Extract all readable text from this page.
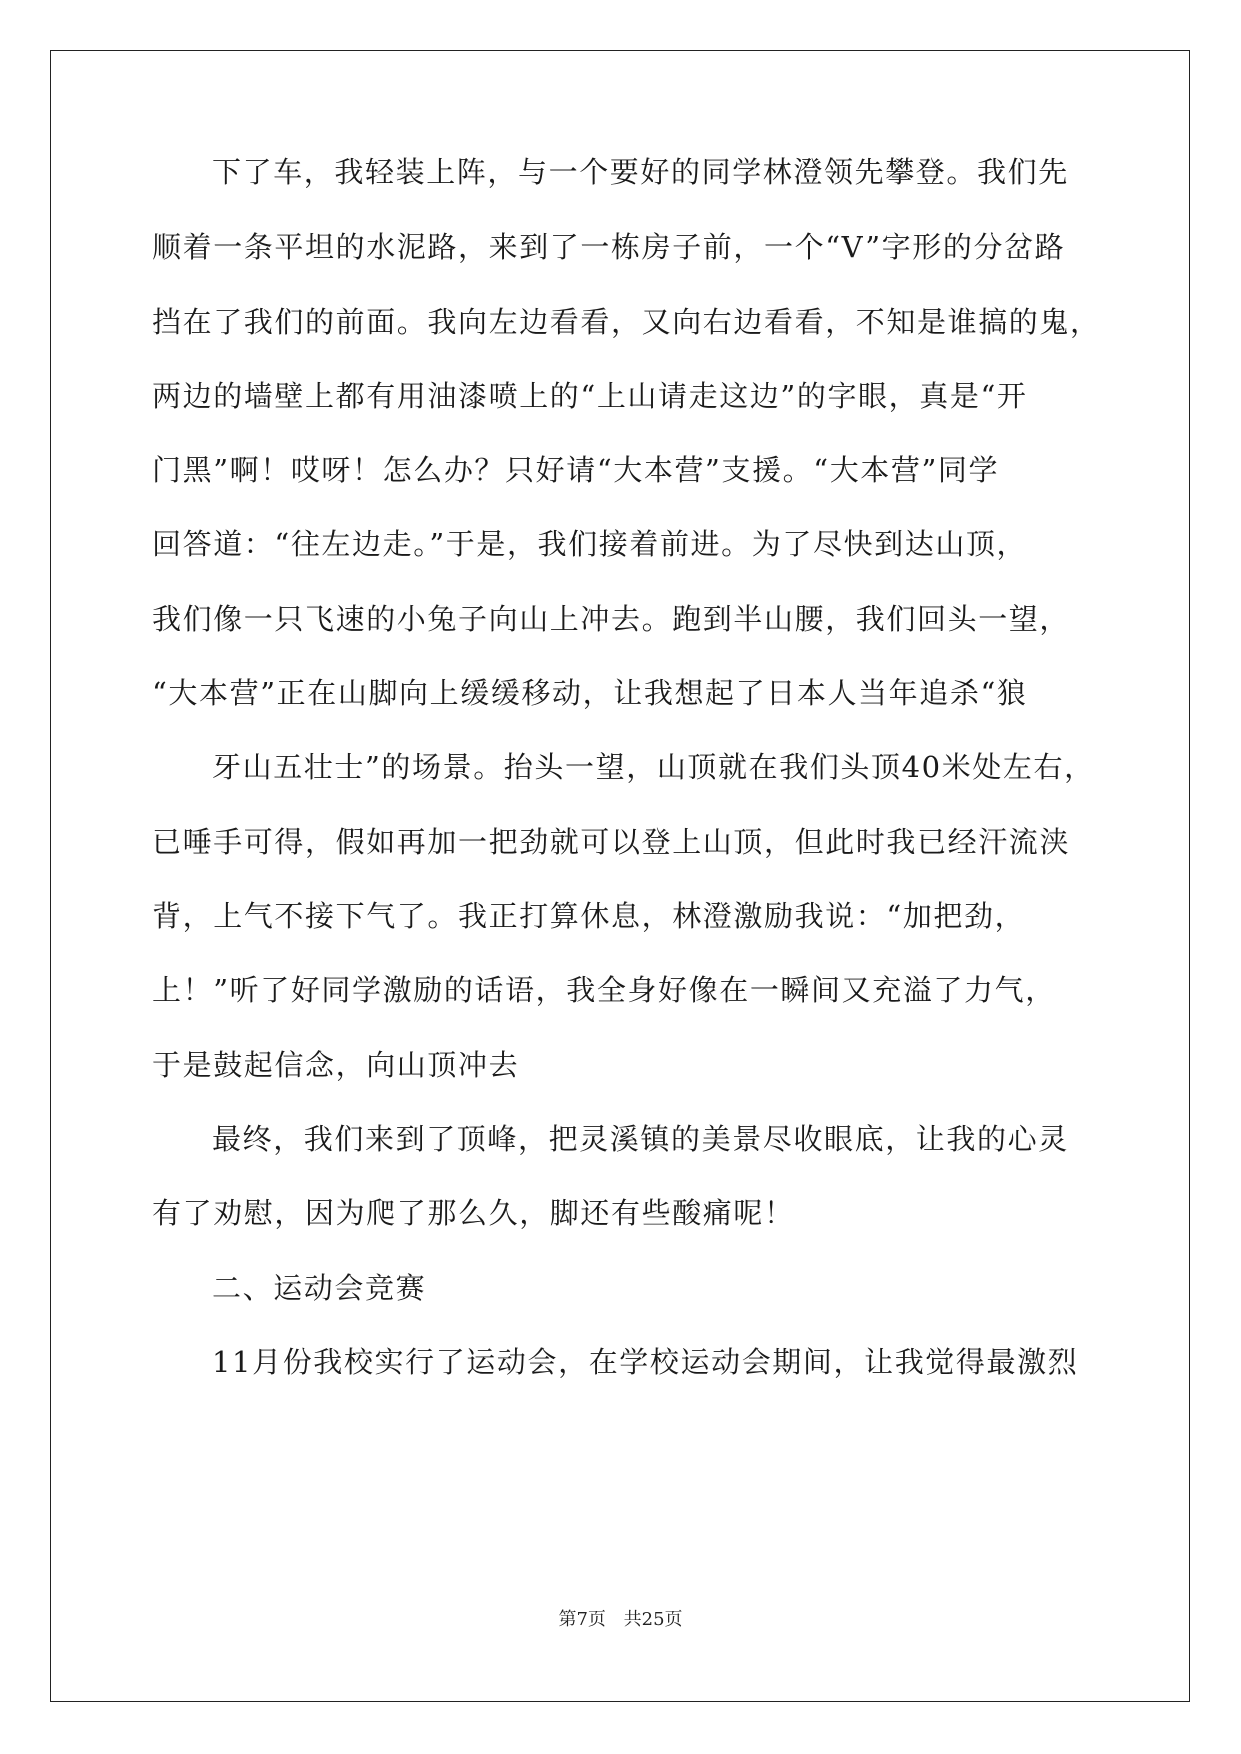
下了车，我轻装上阵，与一个要好的同学林澄领先攀登。我们先
顺着一条平坦的水泥路，来到了一栋房子前，一个“V”字形的分岔路
挡在了我们的前面。我向左边看看，又向右边看看，不知是谁搞的鬼，
两边的墙壁上都有用油漆喷上的“上山请走这边”的字眼，真是“开
门黑”啊！哎呀！怎么办？只好请“大本营”支援。“大本营”同学
回答道：“往左边走。”于是，我们接着前进。为了尽快到达山顶，
我们像一只飞速的小兔子向山上冲去。跑到半山腰，我们回头一望，
“大本营”正在山脚向上缓缓移动，让我想起了日本人当年追杀“狼
牙山五壮士”的场景。抬头一望，山顶就在我们头顶40米处左右，
已唾手可得，假如再加一把劲就可以登上山顶，但此时我已经汗流浃
背，上气不接下气了。我正打算休息，林澄激励我说：“加把劲，
上！”听了好同学激励的话语，我全身好像在一瞬间又充溢了力气，
于是鼓起信念，向山顶冲去
最终，我们来到了顶峰，把灵溪镇的美景尽收眼底，让我的心灵
有了劝慰，因为爬了那么久，脚还有些酸痛呢！
二、运动会竞赛
11月份我校实行了运动会，在学校运动会期间，让我觉得最激烈
第7页 共25页
